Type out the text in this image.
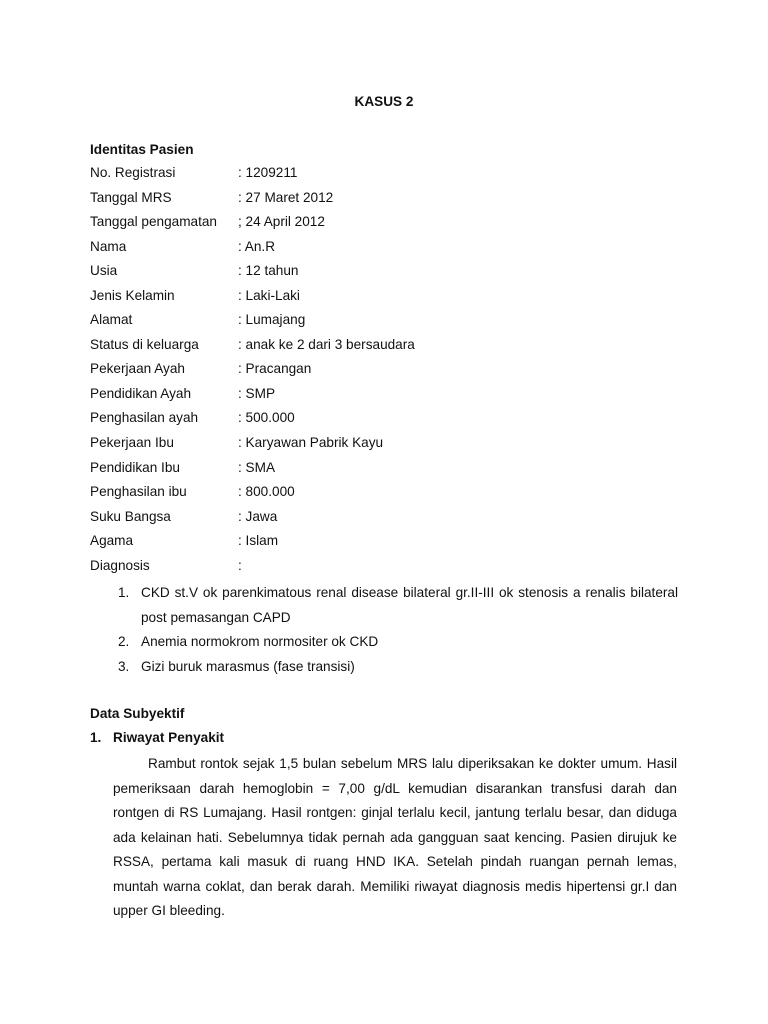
KASUS 2
Identitas Pasien
No. Registrasi	: 1209211
Tanggal MRS	: 27 Maret 2012
Tanggal pengamatan	; 24 April 2012
Nama	: An.R
Usia	: 12 tahun
Jenis Kelamin	: Laki-Laki
Alamat	: Lumajang
Status di keluarga	: anak ke 2 dari 3 bersaudara
Pekerjaan Ayah	: Pracangan
Pendidikan Ayah	: SMP
Penghasilan ayah	: 500.000
Pekerjaan Ibu	: Karyawan Pabrik Kayu
Pendidikan Ibu	: SMA
Penghasilan ibu	: 800.000
Suku Bangsa	: Jawa
Agama	: Islam
Diagnosis	:
1. CKD st.V ok parenkimatous renal disease bilateral gr.II-III ok stenosis a renalis bilateral post pemasangan CAPD
2. Anemia normokrom normositer ok CKD
3. Gizi buruk marasmus (fase transisi)
Data Subyektif
1. Riwayat Penyakit

Rambut rontok sejak 1,5 bulan sebelum MRS lalu diperiksakan ke dokter umum. Hasil pemeriksaan darah hemoglobin = 7,00 g/dL kemudian disarankan transfusi darah dan rontgen di RS Lumajang. Hasil rontgen: ginjal terlalu kecil, jantung terlalu besar, dan diduga ada kelainan hati. Sebelumnya tidak pernah ada gangguan saat kencing. Pasien dirujuk ke RSSA, pertama kali masuk di ruang HND IKA. Setelah pindah ruangan pernah lemas, muntah warna coklat, dan berak darah. Memiliki riwayat diagnosis medis hipertensi gr.I dan upper GI bleeding.
